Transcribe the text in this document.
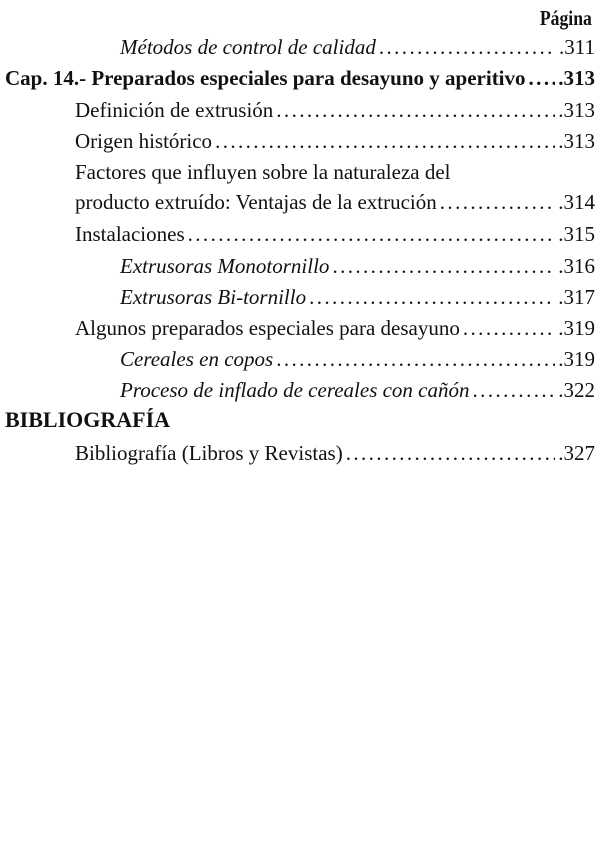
Página
Métodos de control de calidad .....	.311
Cap. 14.- Preparados especiales para desayuno y aperitivo ..... .313
Definición de extrusión .....	.313
Origen histórico .....	.313
Factores que influyen sobre la naturaleza del
producto extruído: Ventajas de la extrución .....	.314
Instalaciones .....	.315
Extrusoras Monotornillo .....	.316
Extrusoras Bi-tornillo .....	.317
Algunos preparados especiales para desayuno .....	.319
Cereales en copos .....	.319
Proceso de inflado de cereales con cañón .....	.322
BIBLIOGRAFÍA
Bibliografía (Libros y Revistas) .....	.327
